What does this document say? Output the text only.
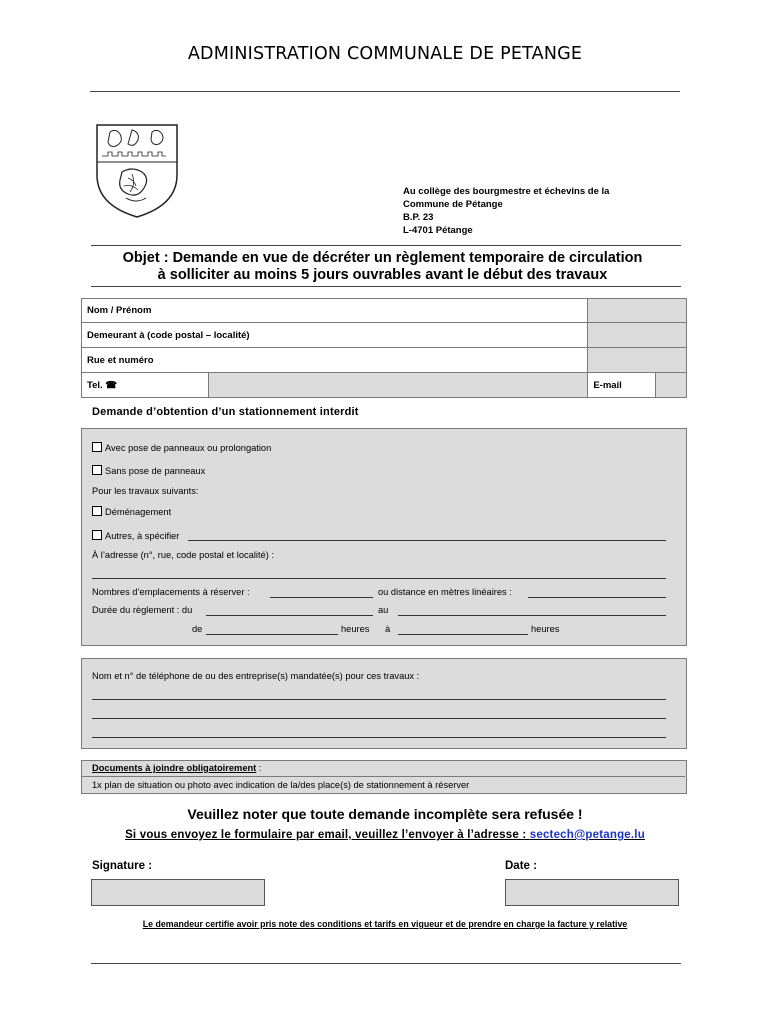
ADMINISTRATION COMMUNALE DE PETANGE
Au collège des bourgmestre et échevins de la
Commune de Pétange
B.P. 23
L-4701 Pétange
Objet : Demande en vue de décréter un règlement temporaire de circulation
à solliciter au moins 5 jours ouvrables avant le début des travaux
Nom / Prénom			
Demeurant à (code postal – localité)			
Rue et numéro			
Tel. ☎		E-mail	
Demande d’obtention d’un stationnement interdit
Avec pose de panneaux ou prolongation
Sans pose de panneaux
Pour les travaux suivants:
Déménagement
Autres, à spécifier
À l’adresse (n°, rue, code postal et localité) :
Nombres d’emplacements à réserver :	ou distance en mètres linéaires :
Durée du règlement : du	au
de	heures à	heures
Nom et n° de téléphone de ou des entreprise(s) mandatée(s) pour ces travaux :
Documents à joindre obligatoirement :
1x plan de situation ou photo avec indication de la/des place(s) de stationnement à réserver
Veuillez noter que toute demande incomplète sera refusée !
Si vous envoyez le formulaire par email, veuillez l’envoyer à l’adresse : sectech@petange.lu
Signature :	Date :
Le demandeur certifie avoir pris note des conditions et tarifs en vigueur et de prendre en charge la facture y relative
